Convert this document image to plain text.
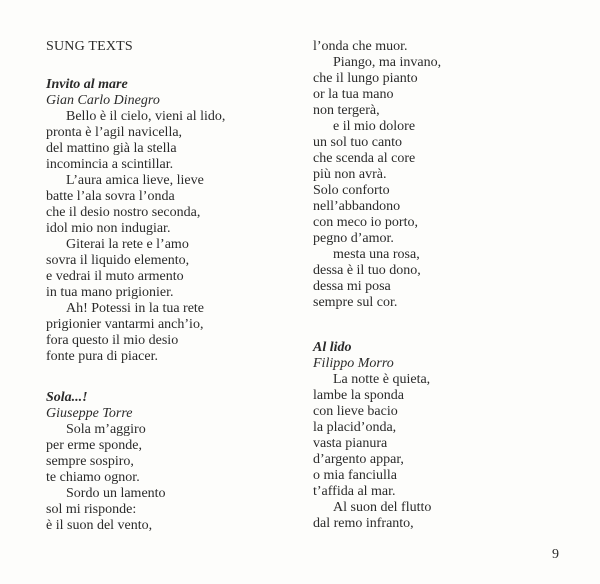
SUNG TEXTS
Invito al mare
Gian Carlo Dinegro
Bello è il cielo, vieni al lido,
pronta è l’agil navicella,
del mattino già la stella
incomincia a scintillar.
L’aura amica lieve, lieve
batte l’ala sovra l’onda
che il desio nostro seconda,
idol mio non indugiar.
Giterai la rete e l’amo
sovra il liquido elemento,
e vedrai il muto armento
in tua mano prigionier.
Ah! Potessi in la tua rete
prigionier vantarmi anch’io,
fora questo il mio desio
fonte pura di piacer.
Sola...!
Giuseppe Torre
Sola m’aggiro
per erme sponde,
sempre sospiro,
te chiamo ognor.
Sordo un lamento
sol mi risponde:
è il suon del vento,
l’onda che muor.
Piango, ma invano,
che il lungo pianto
or la tua mano
non tergerà,
e il mio dolore
un sol tuo canto
che scenda al core
più non avrà.
Solo conforto
nell’abbandono
con meco io porto,
pegno d’amor.
mesta una rosa,
dessa è il tuo dono,
dessa mi posa
sempre sul cor.
Al lido
Filippo Morro
La notte è quieta,
lambe la sponda
con lieve bacio
la placid’onda,
vasta pianura
d’argento appar,
o mia fanciulla
t’affida al mar.
Al suon del flutto
dal remo infranto,
9
